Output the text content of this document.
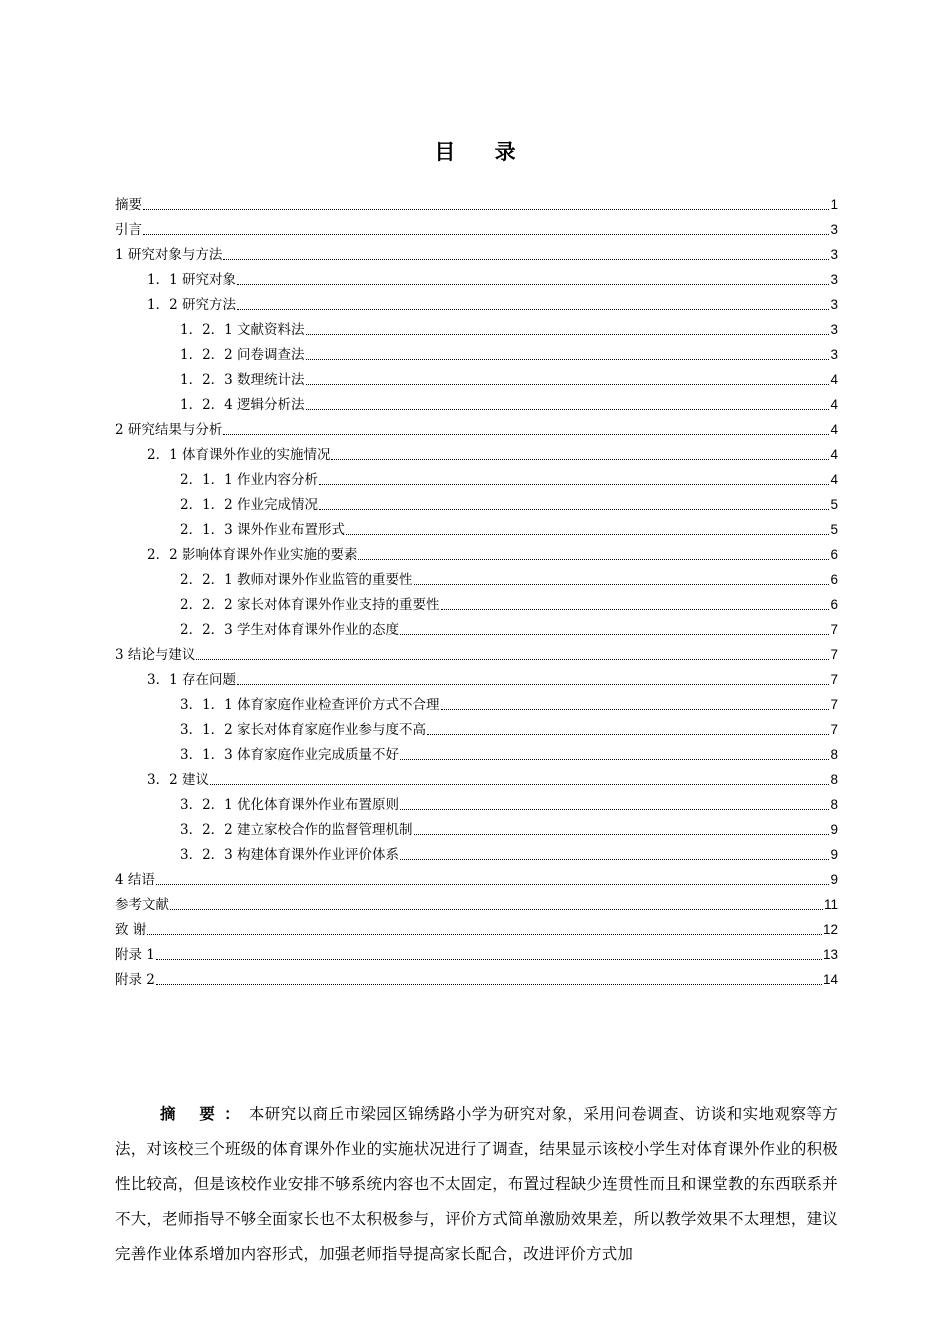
目 录
摘要	1
引言	3
1 研究对象与方法	3
1．1 研究对象	3
1．2 研究方法	3
1．2．1 文献资料法	3
1．2．2 问卷调查法	3
1．2．3 数理统计法	4
1．2．4 逻辑分析法	4
2 研究结果与分析	4
2．1 体育课外作业的实施情况	4
2．1．1 作业内容分析	4
2．1．2 作业完成情况	5
2．1．3 课外作业布置形式	5
2．2 影响体育课外作业实施的要素	6
2．2．1 教师对课外作业监管的重要性	6
2．2．2 家长对体育课外作业支持的重要性	6
2．2．3 学生对体育课外作业的态度	7
3 结论与建议	7
3．1 存在问题	7
3．1．1 体育家庭作业检查评价方式不合理	7
3．1．2 家长对体育家庭作业参与度不高	7
3．1．3 体育家庭作业完成质量不好	8
3．2 建议	8
3．2．1 优化体育课外作业布置原则	8
3．2．2 建立家校合作的监督管理机制	9
3．2．3 构建体育课外作业评价体系	9
4 结语	9
参考文献	11
致 谢	12
附录 1	13
附录 2	14
摘 要：本研究以商丘市梁园区锦绣路小学为研究对象，采用问卷调查、访谈和实地观察等方法，对该校三个班级的体育课外作业的实施状况进行了调查，结果显示该校小学生对体育课外作业的积极性比较高，但是该校作业安排不够系统内容也不太固定，布置过程缺少连贯性而且和课堂教的东西联系并不大，老师指导不够全面家长也不太积极参与，评价方式简单激励效果差，所以教学效果不太理想，建议完善作业体系增加内容形式，加强老师指导提高家长配合，改进评价方式加
